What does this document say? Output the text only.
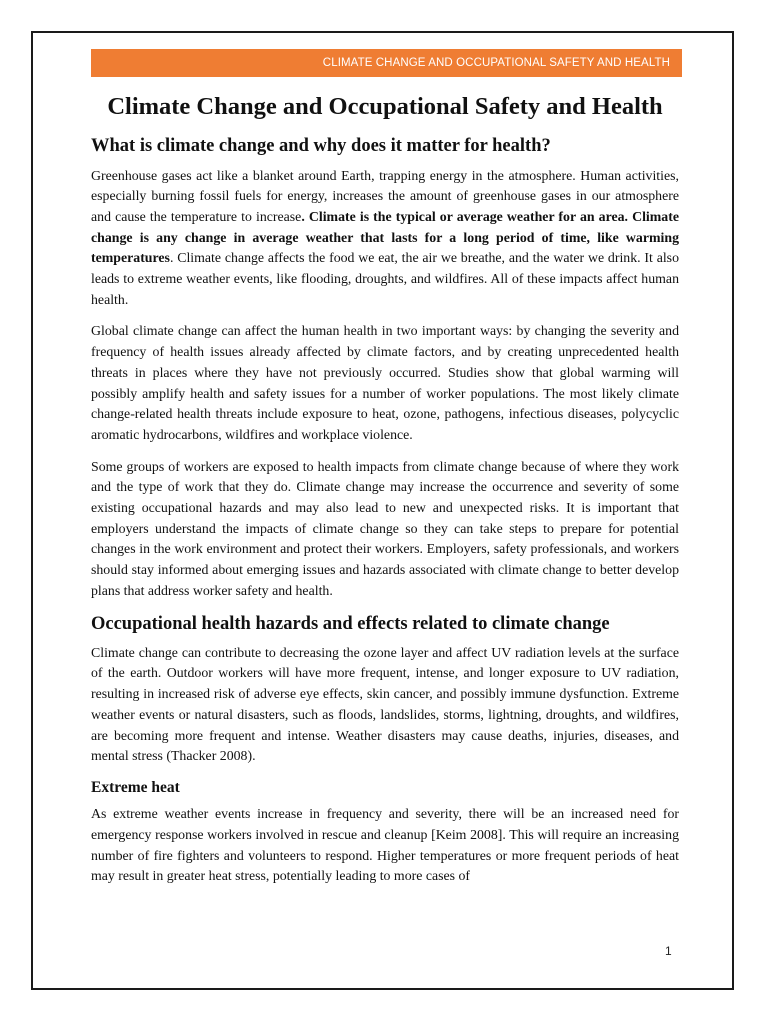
CLIMATE CHANGE AND OCCUPATIONAL SAFETY AND HEALTH
Climate Change and Occupational Safety and Health
What is climate change and why does it matter for health?

Greenhouse gases act like a blanket around Earth, trapping energy in the atmosphere. Human activities, especially burning fossil fuels for energy, increases the amount of greenhouse gases in our atmosphere and cause the temperature to increase. Climate is the typical or average weather for an area. Climate change is any change in average weather that lasts for a long period of time, like warming temperatures. Climate change affects the food we eat, the air we breathe, and the water we drink. It also leads to extreme weather events, like flooding, droughts, and wildfires. All of these impacts affect human health.

Global climate change can affect the human health in two important ways: by changing the severity and frequency of health issues already affected by climate factors, and by creating unprecedented health threats in places where they have not previously occurred. Studies show that global warming will possibly amplify health and safety issues for a number of worker populations. The most likely climate change-related health threats include exposure to heat, ozone, pathogens, infectious diseases, polycyclic aromatic hydrocarbons, wildfires and workplace violence.

Some groups of workers are exposed to health impacts from climate change because of where they work and the type of work that they do. Climate change may increase the occurrence and severity of some existing occupational hazards and may also lead to new and unexpected risks. It is important that employers understand the impacts of climate change so they can take steps to prepare for potential changes in the work environment and protect their workers. Employers, safety professionals, and workers should stay informed about emerging issues and hazards associated with climate change to better develop plans that address worker safety and health.

Occupational health hazards and effects related to climate change

Climate change can contribute to decreasing the ozone layer and affect UV radiation levels at the surface of the earth. Outdoor workers will have more frequent, intense, and longer exposure to UV radiation, resulting in increased risk of adverse eye effects, skin cancer, and possibly immune dysfunction. Extreme weather events or natural disasters, such as floods, landslides, storms, lightning, droughts, and wildfires, are becoming more frequent and intense. Weather disasters may cause deaths, injuries, diseases, and mental stress (Thacker 2008).

Extreme heat

As extreme weather events increase in frequency and severity, there will be an increased need for emergency response workers involved in rescue and cleanup [Keim 2008]. This will require an increasing number of fire fighters and volunteers to respond. Higher temperatures or more frequent periods of heat may result in greater heat stress, potentially leading to more cases of

1
